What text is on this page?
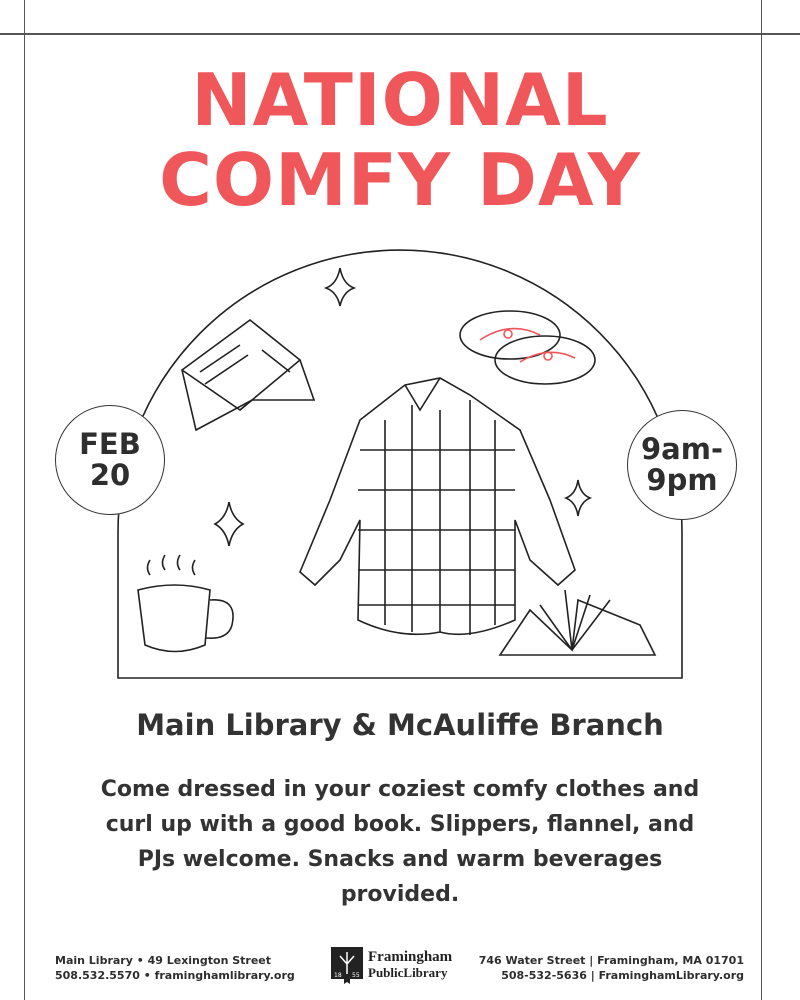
NATIONAL
COMFY DAY
FEB
20
9am-
9pm
Main Library & McAuliffe Branch
Come dressed in your coziest comfy clothes and curl up with a good book. Slippers, flannel, and PJs welcome. Snacks and warm beverages provided.
Main Library • 49 Lexington Street
508.532.5570 • framinghamlibrary.org	18 55
Framingham
PublicLibrary
746 Water Street | Framingham, MA 01701
508-532-5636 | FraminghamLibrary.org
